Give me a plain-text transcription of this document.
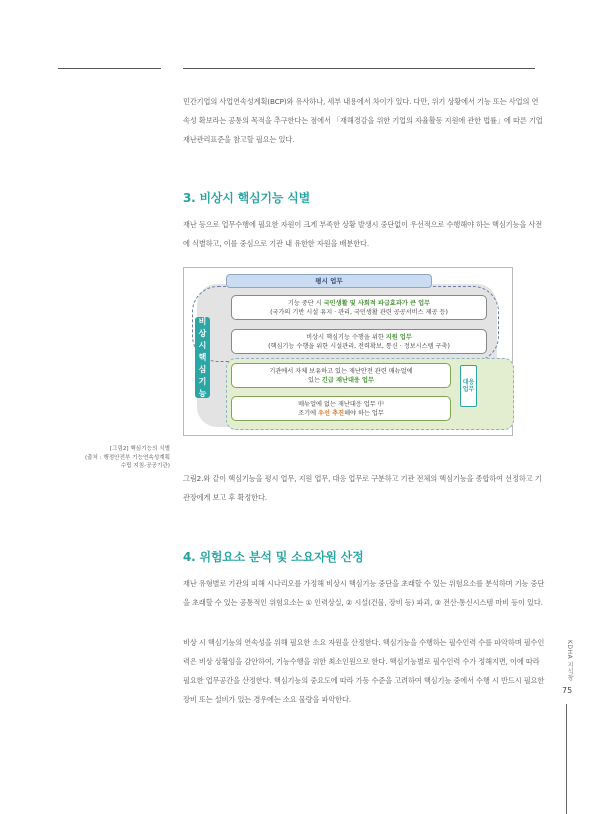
민간기업의 사업연속성계획(BCP)와 유사하나, 세부 내용에서 차이가 있다. 다만, 위기 상황에서 기능 또는 사업의 연속성 확보라는 공통의 목적을 추구한다는 점에서 「재해경감을 위한 기업의 자율활동 지원에 관한 법률」에 따른 기업재난관리표준을 참고할 필요는 있다.

3. 비상시 핵심기능 식별

재난 등으로 업무수행에 필요한 자원이 크게 부족한 상황 발생시 중단없이 우선적으로 수행해야 하는 핵심기능을 사전에 식별하고, 이를 중심으로 기관 내 유한한 자원을 배분한다.

평시 업무
비
상
시
핵
심
기
능
기능 중단 시 국민생활 및 사회적 파급효과가 큰 업무
(국가의 기반 시설 유지 · 관리, 국민생활 관련 공공서비스 제공 등)
비상시 핵심기능 수행을 위한 지원 업무
(핵심기능 수행을 위한 시설관리, 전력확보, 통신 · 정보시스템 구축)
기관에서 자체 보유하고 있는 재난안전 관련 매뉴얼에
있는 긴급 재난대응 업무
매뉴얼에 없는 재난대응 업무 中
조기에 우선 추진해야 하는 업무
대응
업무
[그림2] 핵심기능의 식별
(출처 : 행정안전부 기능연속성계획
수립 지침-공공기관)

그림2.와 같이 핵심기능을 평시 업무, 지원 업무, 대응 업무로 구분하고 기관 전체의 핵심기능을 종합하여 선정하고 기관장에게 보고 후 확정한다.

4. 위험요소 분석 및 소요자원 산정

재난 유형별로 기관의 피해 시나리오를 가정해 비상시 핵심기능 중단을 초래할 수 있는 위험요소를 분석하며 기능 중단을 초래할 수 있는 공통적인 위험요소는 ① 인력상실, ② 시설(건물, 장비 등) 파괴, ③ 전산·통신시스템 마비 등이 있다.

비상 시 핵심기능의 연속성을 위해 필요한 소요 자원을 산정한다. 핵심기능을 수행하는 필수인력 수를 파악하며 필수인력은 비상 상황임을 감안하여, 기능수행을 위한 최소인원으로 한다. 핵심기능별로 필수인력 수가 정해지면, 이에 따라 필요한 업무공간을 산정한다. 핵심기능의 중요도에 따라 가동 수준을 고려하여 핵심기능 중에서 수행 시 반드시 필요한 장비 또는 설비가 있는 경우에는 소요 물량을 파악한다.

KDHA 지식창
75
